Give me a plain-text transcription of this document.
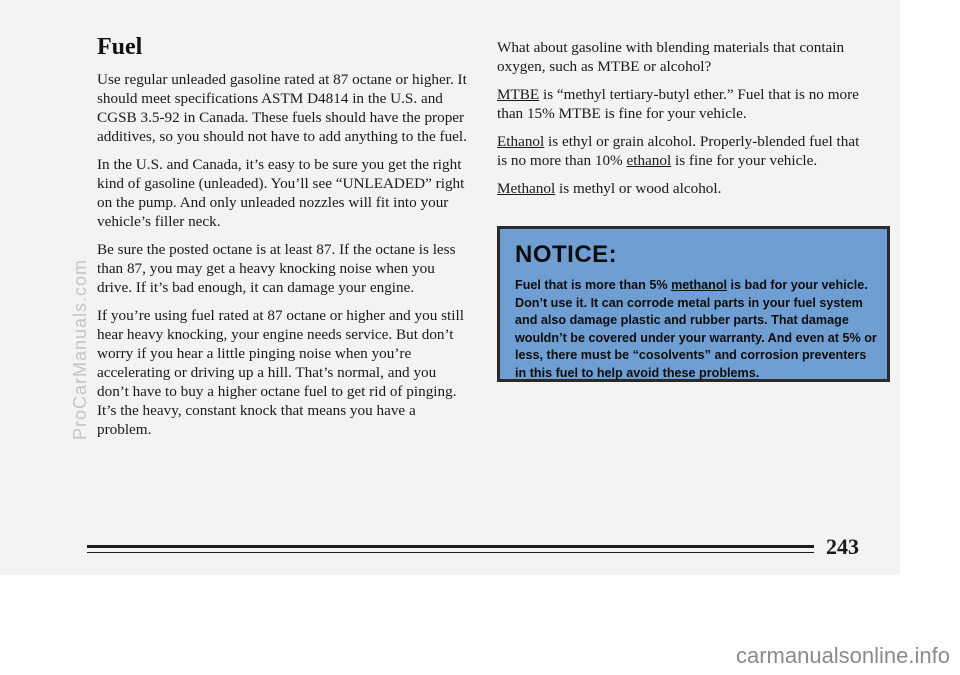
Fuel

Use regular unleaded gasoline rated at 87 octane or higher. It should meet specifications ASTM D4814 in the U.S. and CGSB 3.5-92 in Canada. These fuels should have the proper additives, so you should not have to add anything to the fuel.

In the U.S. and Canada, it’s easy to be sure you get the right kind of gasoline (unleaded). You’ll see “UNLEADED” right on the pump. And only unleaded nozzles will fit into your vehicle’s filler neck.

Be sure the posted octane is at least 87. If the octane is less than 87, you may get a heavy knocking noise when you drive. If it’s bad enough, it can damage your engine.

If you’re using fuel rated at 87 octane or higher and you still hear heavy knocking, your engine needs service. But don’t worry if you hear a little pinging noise when you’re accelerating or driving up a hill. That’s normal, and you don’t have to buy a higher octane fuel to get rid of pinging. It’s the heavy, constant knock that means you have a problem.

What about gasoline with blending materials that contain oxygen, such as MTBE or alcohol?

MTBE is “methyl tertiary-butyl ether.” Fuel that is no more than 15% MTBE is fine for your vehicle.

Ethanol is ethyl or grain alcohol. Properly-blended fuel that is no more than 10% ethanol is fine for your vehicle.

Methanol is methyl or wood alcohol.

NOTICE:
Fuel that is more than 5% methanol is bad for your vehicle. Don’t use it. It can corrode metal parts in your fuel system and also damage plastic and rubber parts. That damage wouldn’t be covered under your warranty. And even at 5% or less, there must be “cosolvents” and corrosion preventers in this fuel to help avoid these problems.
243
ProCarManuals.com
carmanualsonline.info
